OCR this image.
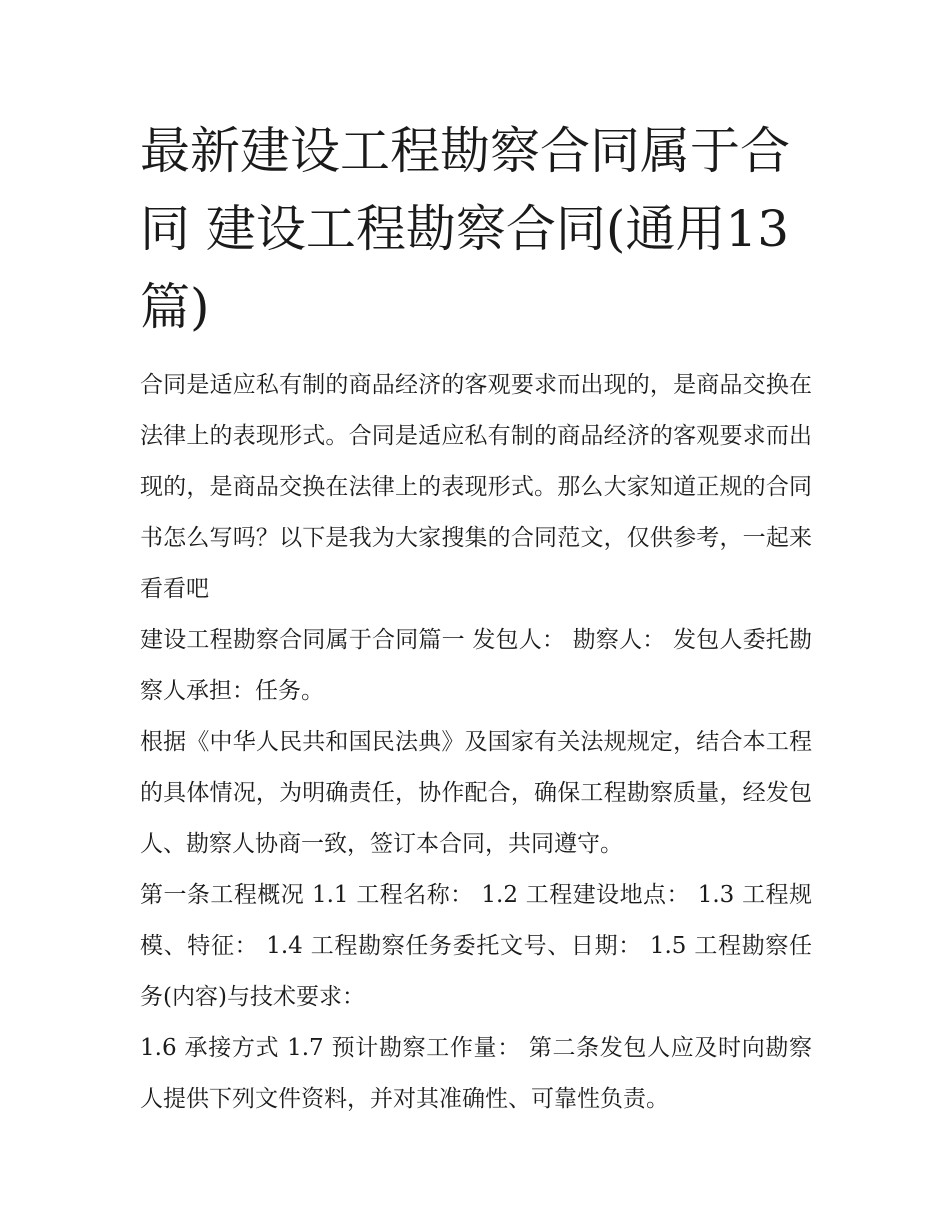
最新建设工程勘察合同属于合同 建设工程勘察合同(通用13篇)

合同是适应私有制的商品经济的客观要求而出现的，是商品交换在法律上的表现形式。合同是适应私有制的商品经济的客观要求而出现的，是商品交换在法律上的表现形式。那么大家知道正规的合同书怎么写吗？以下是我为大家搜集的合同范文，仅供参考，一起来看看吧

建设工程勘察合同属于合同篇一 发包人： 勘察人： 发包人委托勘察人承担：任务。

根据《中华人民共和国民法典》及国家有关法规规定，结合本工程的具体情况，为明确责任，协作配合，确保工程勘察质量，经发包人、勘察人协商一致，签订本合同，共同遵守。

第一条工程概况 1.1 工程名称： 1.2 工程建设地点： 1.3 工程规模、特征： 1.4 工程勘察任务委托文号、日期： 1.5 工程勘察任务(内容)与技术要求：

1.6 承接方式 1.7 预计勘察工作量： 第二条发包人应及时向勘察人提供下列文件资料，并对其准确性、可靠性负责。
